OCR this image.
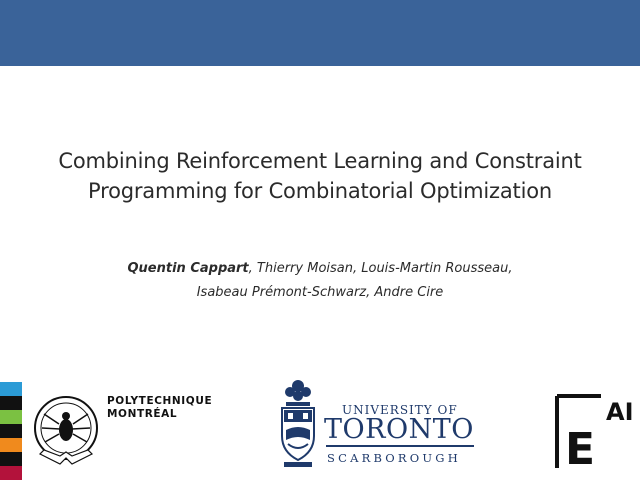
Combining Reinforcement Learning and Constraint
Programming for Combinatorial Optimization
Quentin Cappart, Thierry Moisan, Louis-Martin Rousseau,
Isabeau Prémont-Schwarz, Andre Cire
POLYTECHNIQUE
MONTRÉAL	UNIVERSITY OF
TORONTO
SCARBOROUGH E
AI
